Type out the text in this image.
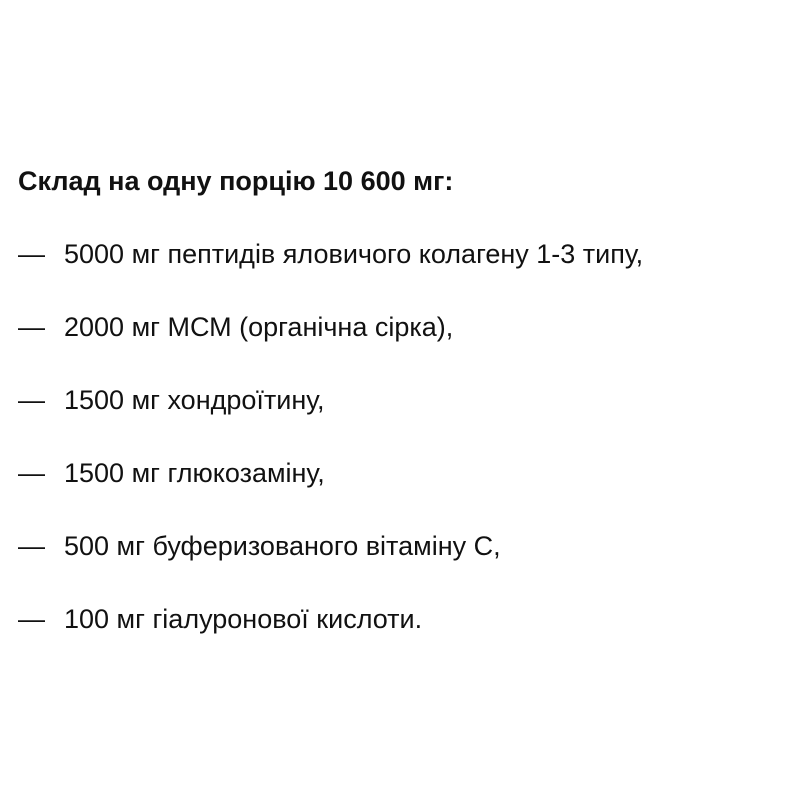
Склад на одну порцію 10 600 мг:
— 5000 мг пептидів яловичого колагену 1-3 типу,
— 2000 мг МСМ (органічна сірка),
— 1500 мг хондроїтину,
— 1500 мг глюкозаміну,
— 500 мг буферизованого вітаміну С,
— 100 мг гіалуронової кислоти.
